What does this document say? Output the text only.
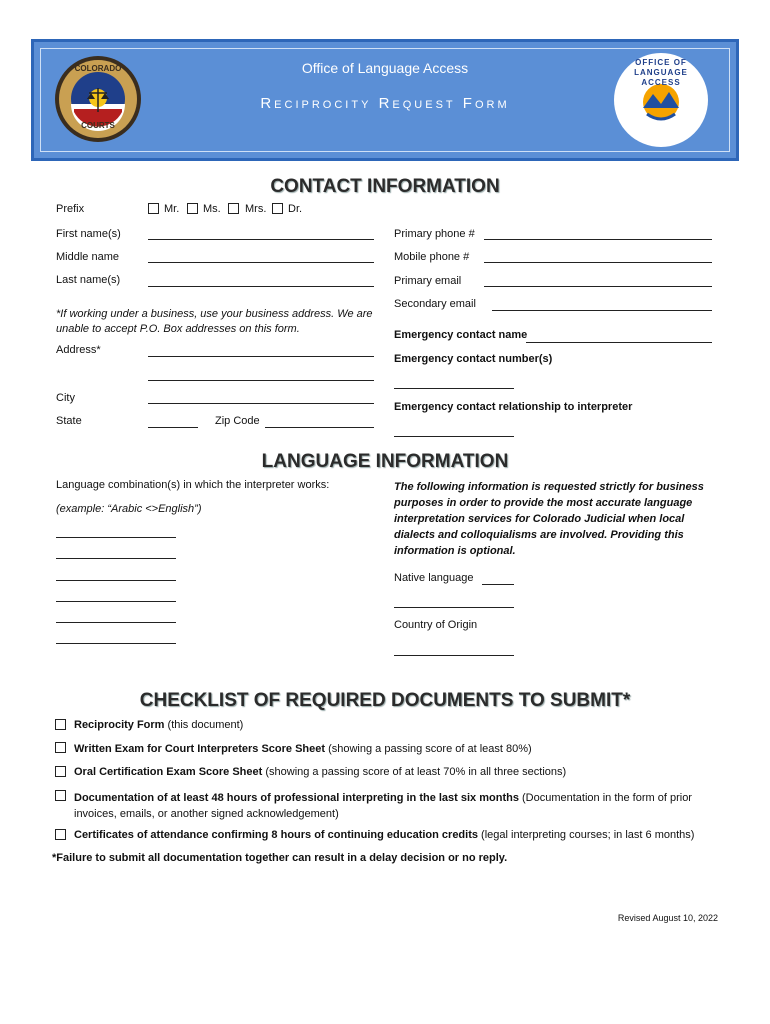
Office of Language Access
Reciprocity Request Form
COLORADO
COURTS
OFFICE OF LANGUAGE ACCESS
CONTACT INFORMATION
Prefix	Mr. Ms. Mrs. Dr.
First name(s)
Middle name
Last name(s)
*If working under a business, use your business address. We are unable to accept P.O. Box addresses on this form.
Address*
City
State	Zip Code
Primary phone #
Mobile phone #
Primary email
Secondary email
Emergency contact name
Emergency contact number(s)
Emergency contact relationship to interpreter
LANGUAGE INFORMATION
Language combination(s) in which the interpreter works:
(example: “Arabic <>English”)
The following information is requested strictly for business purposes in order to provide the most accurate language interpretation services for Colorado Judicial when local dialects and colloquialisms are involved. Providing this information is optional.
Native language
Country of Origin
CHECKLIST OF REQUIRED DOCUMENTS TO SUBMIT*
Reciprocity Form (this document)
Written Exam for Court Interpreters Score Sheet (showing a passing score of at least 80%)
Oral Certification Exam Score Sheet (showing a passing score of at least 70% in all three sections)
Documentation of at least 48 hours of professional interpreting in the last six months (Documentation in the form of prior invoices, emails, or another signed acknowledgement)
Certificates of attendance confirming 8 hours of continuing education credits (legal interpreting courses; in last 6 months)
*Failure to submit all documentation together can result in a delay decision or no reply.
Revised August 10, 2022
